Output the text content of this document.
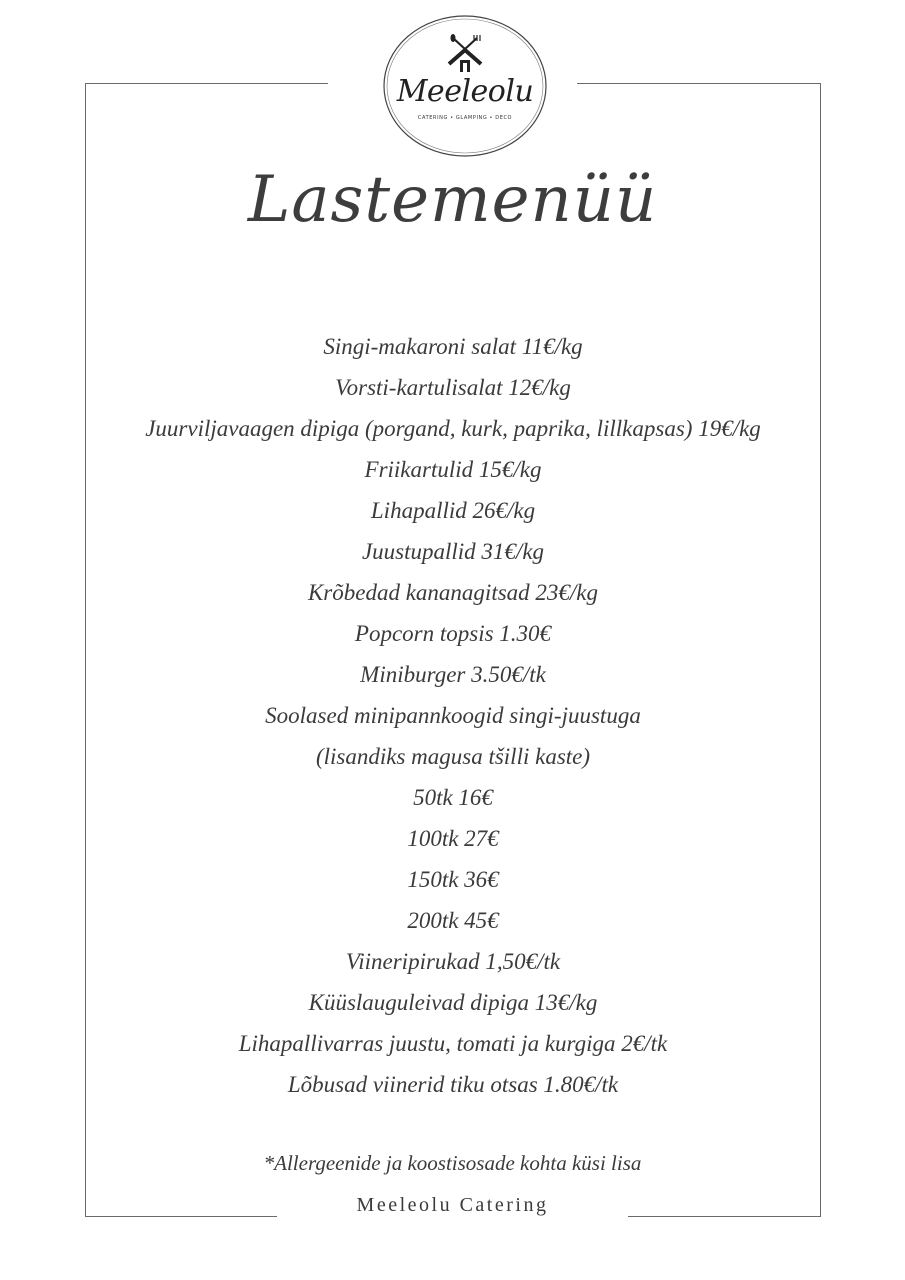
Meeleolu
CATERING • GLAMPING • DECO
Lastemenüü
Singi-makaroni salat 11€/kg
Vorsti-kartulisalat 12€/kg
Juurviljavaagen dipiga (porgand, kurk, paprika, lillkapsas) 19€/kg
Friikartulid 15€/kg
Lihapallid 26€/kg
Juustupallid 31€/kg
Krõbedad kananagitsad 23€/kg
Popcorn topsis 1.30€
Miniburger 3.50€/tk
Soolased minipannkoogid singi-juustuga
(lisandiks magusa tšilli kaste)
50tk 16€
100tk 27€
150tk 36€
200tk 45€
Viineripirukad 1,50€/tk
Küüslauguleivad dipiga 13€/kg
Lihapallivarras juustu, tomati ja kurgiga 2€/tk
Lõbusad viinerid tiku otsas 1.80€/tk
*Allergeenide ja koostisosade kohta küsi lisa
Meeleolu Catering
